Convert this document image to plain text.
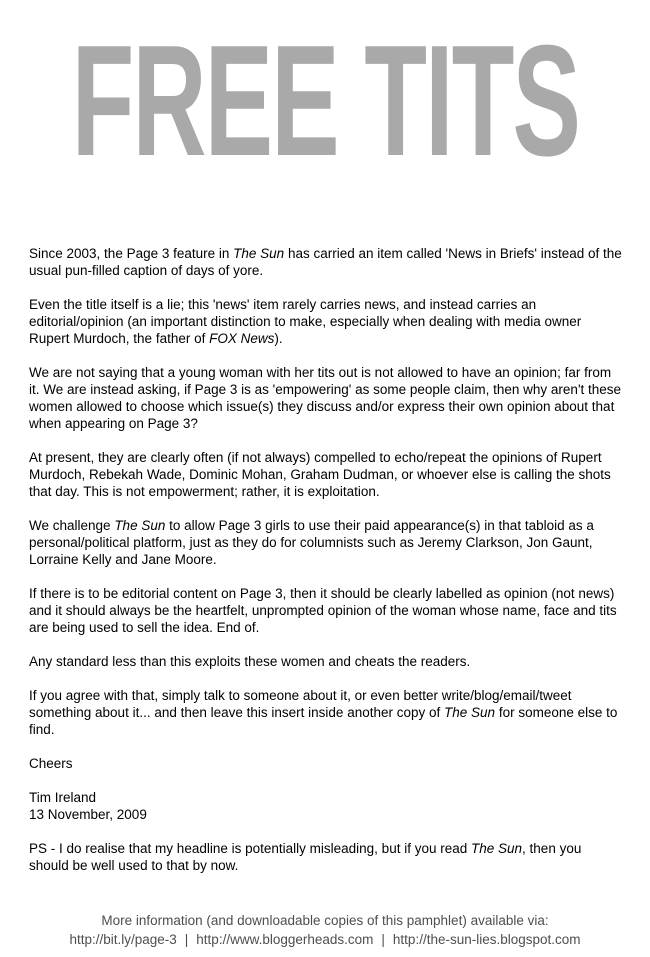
FREE TITS

Since 2003, the Page 3 feature in The Sun has carried an item called 'News in Briefs' instead of the usual pun-filled caption of days of yore.

Even the title itself is a lie; this 'news' item rarely carries news, and instead carries an editorial/opinion (an important distinction to make, especially when dealing with media owner Rupert Murdoch, the father of FOX News).

We are not saying that a young woman with her tits out is not allowed to have an opinion; far from it. We are instead asking, if Page 3 is as 'empowering' as some people claim, then why aren't these women allowed to choose which issue(s) they discuss and/or express their own opinion about that when appearing on Page 3?

At present, they are clearly often (if not always) compelled to echo/repeat the opinions of Rupert Murdoch, Rebekah Wade, Dominic Mohan, Graham Dudman, or whoever else is calling the shots that day. This is not empowerment; rather, it is exploitation.

We challenge The Sun to allow Page 3 girls to use their paid appearance(s) in that tabloid as a personal/political platform, just as they do for columnists such as Jeremy Clarkson, Jon Gaunt, Lorraine Kelly and Jane Moore.

If there is to be editorial content on Page 3, then it should be clearly labelled as opinion (not news) and it should always be the heartfelt, unprompted opinion of the woman whose name, face and tits are being used to sell the idea. End of.

Any standard less than this exploits these women and cheats the readers.

If you agree with that, simply talk to someone about it, or even better write/blog/email/tweet something about it... and then leave this insert inside another copy of The Sun for someone else to find.

Cheers

Tim Ireland
13 November, 2009

PS - I do realise that my headline is potentially misleading, but if you read The Sun, then you should be well used to that by now.

More information (and downloadable copies of this pamphlet) available via:
http://bit.ly/page-3 | http://www.bloggerheads.com | http://the-sun-lies.blogspot.com
